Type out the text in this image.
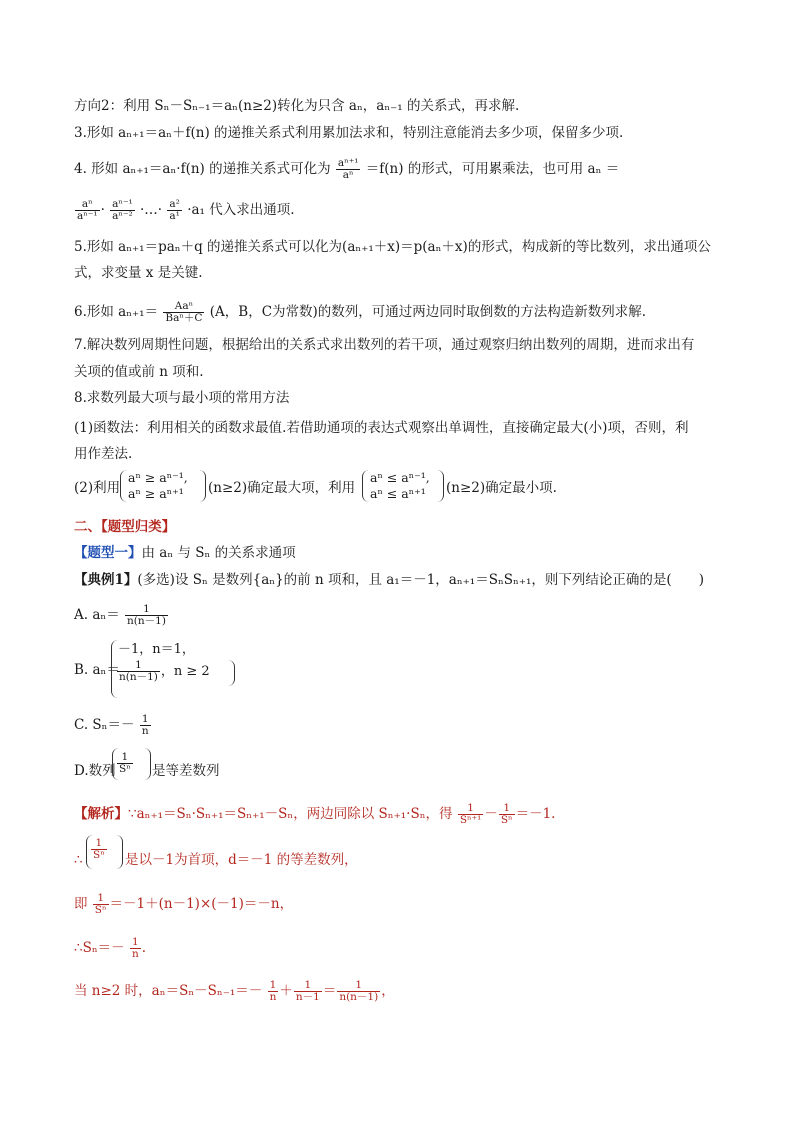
方向2：利用 Sₙ－Sₙ₋₁＝aₙ(n≥2)转化为只含 aₙ，aₙ₋₁ 的关系式，再求解.
3.形如 aₙ₊₁＝aₙ＋f(n) 的递推关系式利用累加法求和，特别注意能消去多少项，保留多少项.
4. 形如 aₙ₊₁＝aₙ·f(n) 的递推关系式可化为 $\frac{\text{aⁿ⁺¹}}{\text{aⁿ}} =f(n)$ 的形式，可用累乘法，也可用 aₙ ＝
$\frac{\text{aⁿ}}{\text{aⁿ⁻¹}} \cdot \frac{\text{aⁿ⁻¹}}{\text{aⁿ⁻²}}$ ·…· $\frac{\text{a²}}{\text{a¹}} \cdot a_1$ 代入求出通项.
5.形如 aₙ₊₁＝paₙ＋q 的递推关系式可以化为(aₙ₊₁＋x)＝p(aₙ＋x)的形式，构成新的等比数列，求出通项公
式，求变量 x 是关键.
6.形如 $a_{n+1}= \frac{\text{Aaⁿ}}{\text{Baⁿ＋C}} (A$，B，C为常数)的数列，可通过两边同时取倒数的方法构造新数列求解.
7.解决数列周期性问题，根据给出的关系式求出数列的若干项，通过观察归纳出数列的周期，进而求出有
关项的值或前 n 项和.
8.求数列最大项与最小项的常用方法
(1)函数法：利用相关的函数求最值.若借助通项的表达式观察出单调性，直接确定最大(小)项，否则，利
用作差法.
(2)利用
aⁿ ≥ aⁿ⁻¹,
aⁿ ≥ aⁿ⁺¹ (n≥2)确定最大项，利用
aⁿ ≤ aⁿ⁻¹,
aⁿ ≤ aⁿ⁺¹ (n≥2)确定最小项.
二、【题型归类】
【题型一】由 aₙ 与 Sₙ 的关系求通项
【典例1】(多选)设 Sₙ 是数列{aₙ}的前 n 项和，且 a₁＝－1，aₙ₊₁＝SₙSₙ₊₁，则下列结论正确的是(　　)
A. $a_n= \frac{1}{n(n-1)}$
B. aₙ＝
－1，n＝1，
$\frac{1}{n(n-1)}$ ，n ≥ 2
C. $S_n=- \frac{1}{n}$
D.数列 $\frac{1}{\text{Sⁿ}}$ 是等差数列
【解析】∵aₙ₊₁＝Sₙ·Sₙ₊₁＝Sₙ₊₁－Sₙ，两边同除以 Sₙ₊₁·Sₙ，得 $\frac{1}{\text{Sⁿ⁺¹}} - \frac{1}{\text{Sⁿ}} =-1$.
∴ $\frac{1}{\text{Sⁿ}}$ 是以－1为首项，d＝－1 的等差数列，
即 $\frac{1}{\text{Sⁿ}} =-1+(n-1)\times(-1)=-n$，
∴Sₙ＝－ $\frac{1}{n}$ .
当 n≥2 时，$a_n=S_n-S_{n-1}=- \frac{1}{n} + \frac{1}{n-1} = \frac{1}{n(n-1)}$ ，
